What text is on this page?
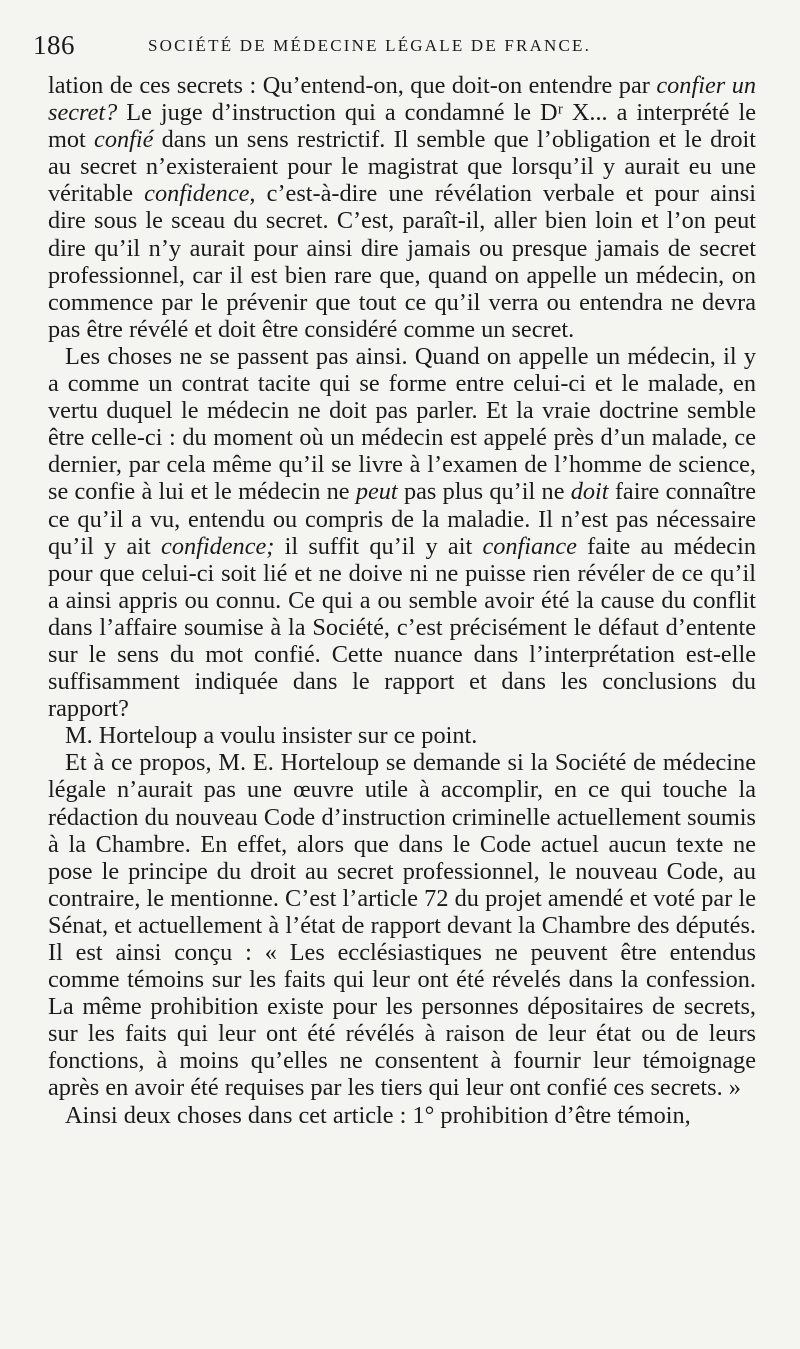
186	SOCIÉTÉ DE MÉDECINE LÉGALE DE FRANCE.

lation de ces secrets : Qu’entend-on, que doit-on entendre par confier un secret? Le juge d’instruction qui a condamné le Dʳ X... a interprété le mot confié dans un sens restrictif. Il semble que l’obligation et le droit au secret n’existeraient pour le magistrat que lorsqu’il y aurait eu une véritable confidence, c’est-à-dire une révélation verbale et pour ainsi dire sous le sceau du secret. C’est, paraît-il, aller bien loin et l’on peut dire qu’il n’y aurait pour ainsi dire jamais ou presque jamais de secret professionnel, car il est bien rare que, quand on appelle un médecin, on commence par le prévenir que tout ce qu’il verra ou entendra ne devra pas être révélé et doit être considéré comme un secret.

Les choses ne se passent pas ainsi. Quand on appelle un médecin, il y a comme un contrat tacite qui se forme entre celui-ci et le malade, en vertu duquel le médecin ne doit pas parler. Et la vraie doctrine semble être celle-ci : du moment où un médecin est appelé près d’un malade, ce dernier, par cela même qu’il se livre à l’examen de l’homme de science, se confie à lui et le médecin ne peut pas plus qu’il ne doit faire connaître ce qu’il a vu, entendu ou compris de la maladie. Il n’est pas nécessaire qu’il y ait confidence; il suffit qu’il y ait confiance faite au médecin pour que celui-ci soit lié et ne doive ni ne puisse rien révéler de ce qu’il a ainsi appris ou connu. Ce qui a ou semble avoir été la cause du conflit dans l’affaire soumise à la Société, c’est précisément le défaut d’entente sur le sens du mot confié. Cette nuance dans l’interprétation est-elle suffisamment indiquée dans le rapport et dans les conclusions du rapport?

M. Horteloup a voulu insister sur ce point.

Et à ce propos, M. E. Horteloup se demande si la Société de médecine légale n’aurait pas une œuvre utile à accomplir, en ce qui touche la rédaction du nouveau Code d’instruction criminelle actuellement soumis à la Chambre. En effet, alors que dans le Code actuel aucun texte ne pose le principe du droit au secret professionnel, le nouveau Code, au contraire, le mentionne. C’est l’article 72 du projet amendé et voté par le Sénat, et actuellement à l’état de rapport devant la Chambre des députés. Il est ainsi conçu : « Les ecclésiastiques ne peuvent être entendus comme témoins sur les faits qui leur ont été révelés dans la confession. La même prohibition existe pour les personnes dépositaires de secrets, sur les faits qui leur ont été révélés à raison de leur état ou de leurs fonctions, à moins qu’elles ne consentent à fournir leur témoignage après en avoir été requises par les tiers qui leur ont confié ces secrets. »

Ainsi deux choses dans cet article : 1° prohibition d’être témoin,
